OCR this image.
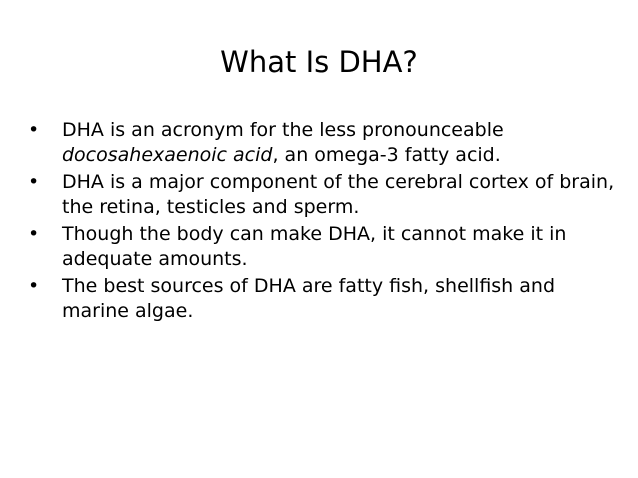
What Is DHA?
• DHA is an acronym for the less pronounceable docosahexaenoic acid, an omega-3 fatty acid.
• DHA is a major component of the cerebral cortex of brain, the retina, testicles and sperm.
• Though the body can make DHA, it cannot make it in adequate amounts.
• The best sources of DHA are fatty fish, shellfish and marine algae.
